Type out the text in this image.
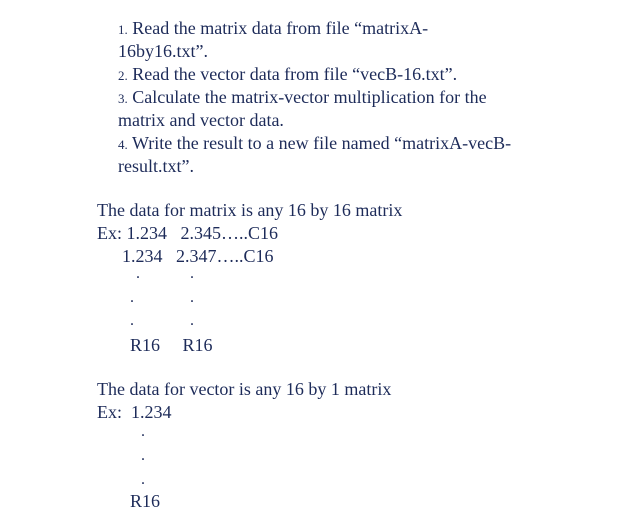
1. Read the matrix data from file “matrixA-
16by16.txt”.
2. Read the vector data from file “vecB-16.txt”.
3. Calculate the matrix-vector multiplication for the
matrix and vector data.
4. Write the result to a new file named “matrixA-vecB-
result.txt”.
The data for matrix is any 16 by 16 matrix
Ex: 1.234   2.345…..C16
1.234   2.347…..C16
.	.
.	.
.	.
R16     R16
The data for vector is any 16 by 1 matrix
Ex:  1.234
.
.
.
R16
